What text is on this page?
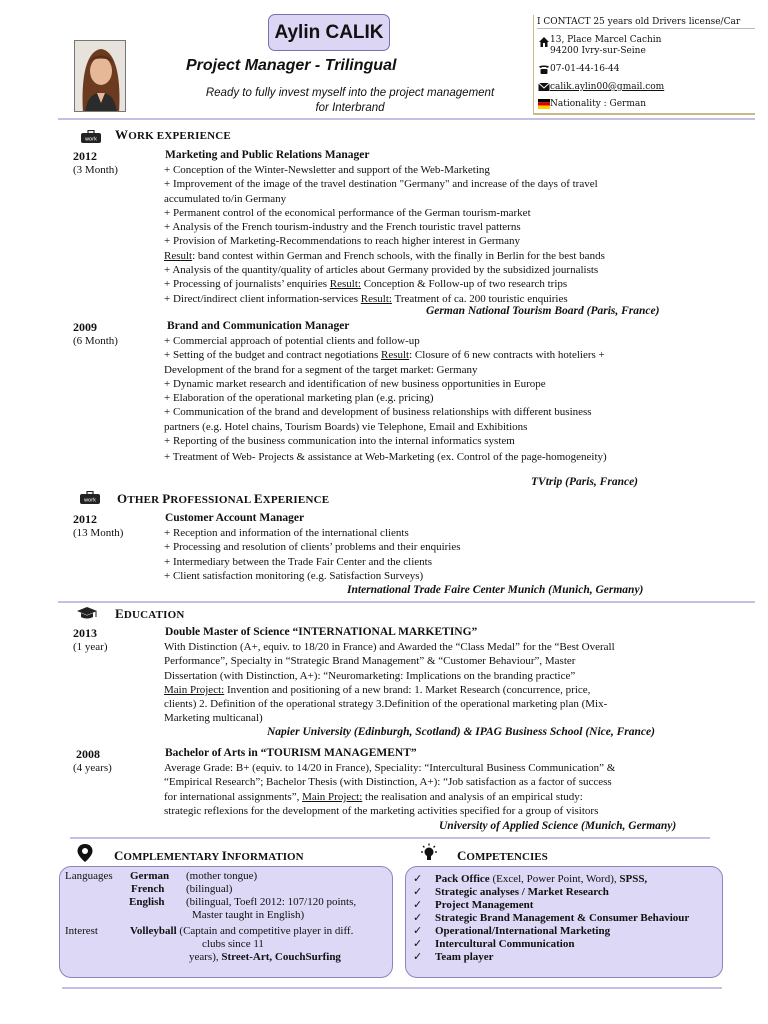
Aylin CALIK
Project Manager - Trilingual
Ready to fully invest myself into the project management
for Interbrand
I CONTACT 25 years old Drivers license/Car
13, Place Marcel Cachin
94200 Ivry-sur-Seine
07-01-44-16-44
calik.aylin00@gmail.com
Nationality : German
work WORK EXPERIENCE
2012
(3 Month)
Marketing and Public Relations Manager
+ Conception of the Winter-Newsletter and support of the Web-Marketing
+ Improvement of the image of the travel destination "Germany" and increase of the days of travel
accumulated to/in Germany
+ Permanent control of the economical performance of the German tourism-market
+ Analysis of the French tourism-industry and the French touristic travel patterns
+ Provision of Marketing-Recommendations to reach higher interest in Germany
Result: band contest within German and French schools, with the finally in Berlin for the best bands
+ Analysis of the quantity/quality of articles about Germany provided by the subsidized journalists
+ Processing of journalists’ enquiries Result: Conception & Follow-up of two research trips
+ Direct/indirect client information-services Result: Treatment of ca. 200 touristic enquiries
German National Tourism Board (Paris, France)
2009
(6 Month)
Brand and Communication Manager
+ Commercial approach of potential clients and follow-up
+ Setting of the budget and contract negotiations Result: Closure of 6 new contracts with hoteliers +
Development of the brand for a segment of the target market: Germany
+ Dynamic market research and identification of new business opportunities in Europe
+ Elaboration of the operational marketing plan (e.g. pricing)
+ Communication of the brand and development of business relationships with different business
partners (e.g. Hotel chains, Tourism Boards) vie Telephone, Email and Exhibitions
+ Reporting of the business communication into the internal informatics system
+ Treatment of Web- Projects & assistance at Web-Marketing (ex. Control of the page-homogeneity)
TVtrip (Paris, France)
work OTHER PROFESSIONAL EXPERIENCE
2012
(13 Month)
Customer Account Manager
+ Reception and information of the international clients
+ Processing and resolution of clients’ problems and their enquiries
+ Intermediary between the Trade Fair Center and the clients
+ Client satisfaction monitoring (e.g. Satisfaction Surveys)
International Trade Faire Center Munich (Munich, Germany)
EDUCATION
2013
(1 year)
Double Master of Science “INTERNATIONAL MARKETING”
With Distinction (A+, equiv. to 18/20 in France) and Awarded the “Class Medal” for the “Best Overall
Performance”, Specialty in “Strategic Brand Management” & “Customer Behaviour”, Master
Dissertation (with Distinction, A+): “Neuromarketing: Implications on the branding practice”
Main Project: Invention and positioning of a new brand: 1. Market Research (concurrence, price,
clients) 2. Definition of the operational strategy 3.Definition of the operational marketing plan (Mix-
Marketing multicanal)
Napier University (Edinburgh, Scotland) & IPAG Business School (Nice, France)
2008
(4 years)
Bachelor of Arts in “TOURISM MANAGEMENT”
Average Grade: B+ (equiv. to 14/20 in France), Speciality: “Intercultural Business Communication” &
“Empirical Research”; Bachelor Thesis (with Distinction, A+): “Job satisfaction as a factor of success
for international assignments”, Main Project: the realisation and analysis of an empirical study:
strategic reflexions for the development of the marketing activities specified for a group of visitors
University of Applied Science (Munich, Germany)
COMPLEMENTARY INFORMATION
Languages German (mother tongue)
French (bilingual)
English (bilingual, Toefl 2012: 107/120 points,
Master taught in English)
Interest	Volleyball (Captain and competitive player in diff.
clubs since 11
years), Street-Art, CouchSurfing
COMPETENCIES
✓ Pack Office (Excel, Power Point, Word), SPSS,
✓ Strategic analyses / Market Research
✓ Project Management
✓ Strategic Brand Management & Consumer Behaviour
✓ Operational/International Marketing
✓ Intercultural Communication
✓ Team player
